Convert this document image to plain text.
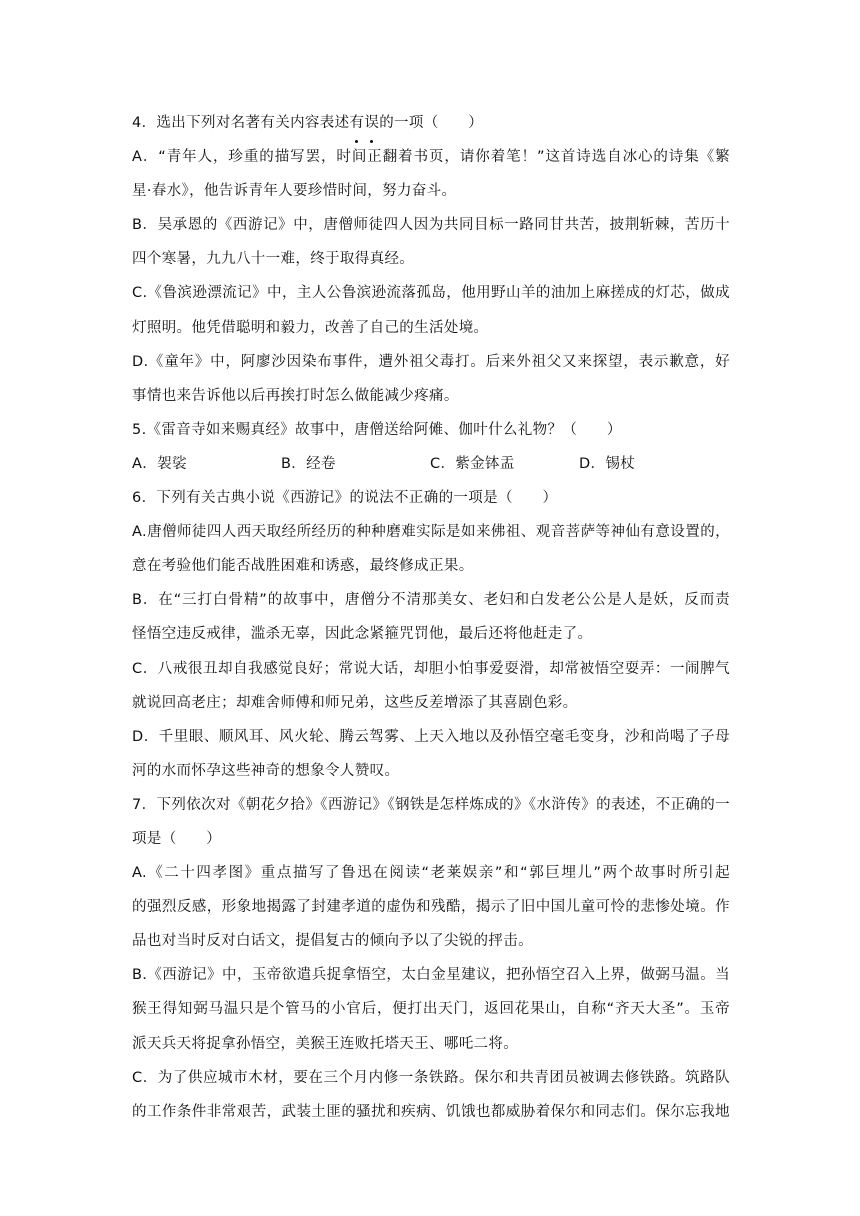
4．选出下列对名著有关内容表述有误的一项（　　）
A．“青年人，珍重的描写罢，时间正翻着书页，请你着笔！”这首诗选自冰心的诗集《繁
星·春水》，他告诉青年人要珍惜时间，努力奋斗。
B．吴承恩的《西游记》中，唐僧师徒四人因为共同目标一路同甘共苦，披荆斩棘，苦历十
四个寒暑，九九八十一难，终于取得真经。
C.《鲁滨逊漂流记》中，主人公鲁滨逊流落孤岛，他用野山羊的油加上麻搓成的灯芯，做成
灯照明。他凭借聪明和毅力，改善了自己的生活处境。
D.《童年》中，阿廖沙因染布事件，遭外祖父毒打。后来外祖父又来探望，表示歉意，好
事情也来告诉他以后再挨打时怎么做能减少疼痛。
5.《雷音寺如来赐真经》故事中，唐僧送给阿傩、伽叶什么礼物？（　　）
A．袈裟	B．经卷	C．紫金钵盂	D．锡杖
6．下列有关古典小说《西游记》的说法不正确的一项是（　　）
A.唐僧师徒四人西天取经所经历的种种磨难实际是如来佛祖、观音菩萨等神仙有意设置的，
意在考验他们能否战胜困难和诱惑，最终修成正果。
B．在“三打白骨精”的故事中，唐僧分不清那美女、老妇和白发老公公是人是妖，反而责
怪悟空违反戒律，滥杀无辜，因此念紧箍咒罚他，最后还将他赶走了。
C．八戒很丑却自我感觉良好；常说大话，却胆小怕事爱耍滑，却常被悟空耍弄：一闹脾气
就说回高老庄；却难舍师傅和师兄弟，这些反差增添了其喜剧色彩。
D．千里眼、顺风耳、风火轮、腾云驾雾、上天入地以及孙悟空毫毛变身，沙和尚喝了子母
河的水而怀孕这些神奇的想象令人赞叹。
7．下列依次对《朝花夕拾》《西游记》《钢铁是怎样炼成的》《水浒传》的表述，不正确的一
项是（　　）
A.《二十四孝图》重点描写了鲁迅在阅读“老莱娱亲”和“郭巨埋儿”两个故事时所引起
的强烈反感，形象地揭露了封建孝道的虚伪和残酷，揭示了旧中国儿童可怜的悲惨处境。作
品也对当时反对白话文，提倡复古的倾向予以了尖锐的抨击。
B.《西游记》中，玉帝欲遣兵捉拿悟空，太白金星建议，把孙悟空召入上界，做弼马温。当
猴王得知弼马温只是个管马的小官后，便打出天门，返回花果山，自称“齐天大圣”。玉帝
派天兵天将捉拿孙悟空，美猴王连败托塔天王、哪吒二将。
C．为了供应城市木材，要在三个月内修一条铁路。保尔和共青团员被调去修铁路。筑路队
的工作条件非常艰苦，武装土匪的骚扰和疾病、饥饿也都威胁着保尔和同志们。保尔忘我地
